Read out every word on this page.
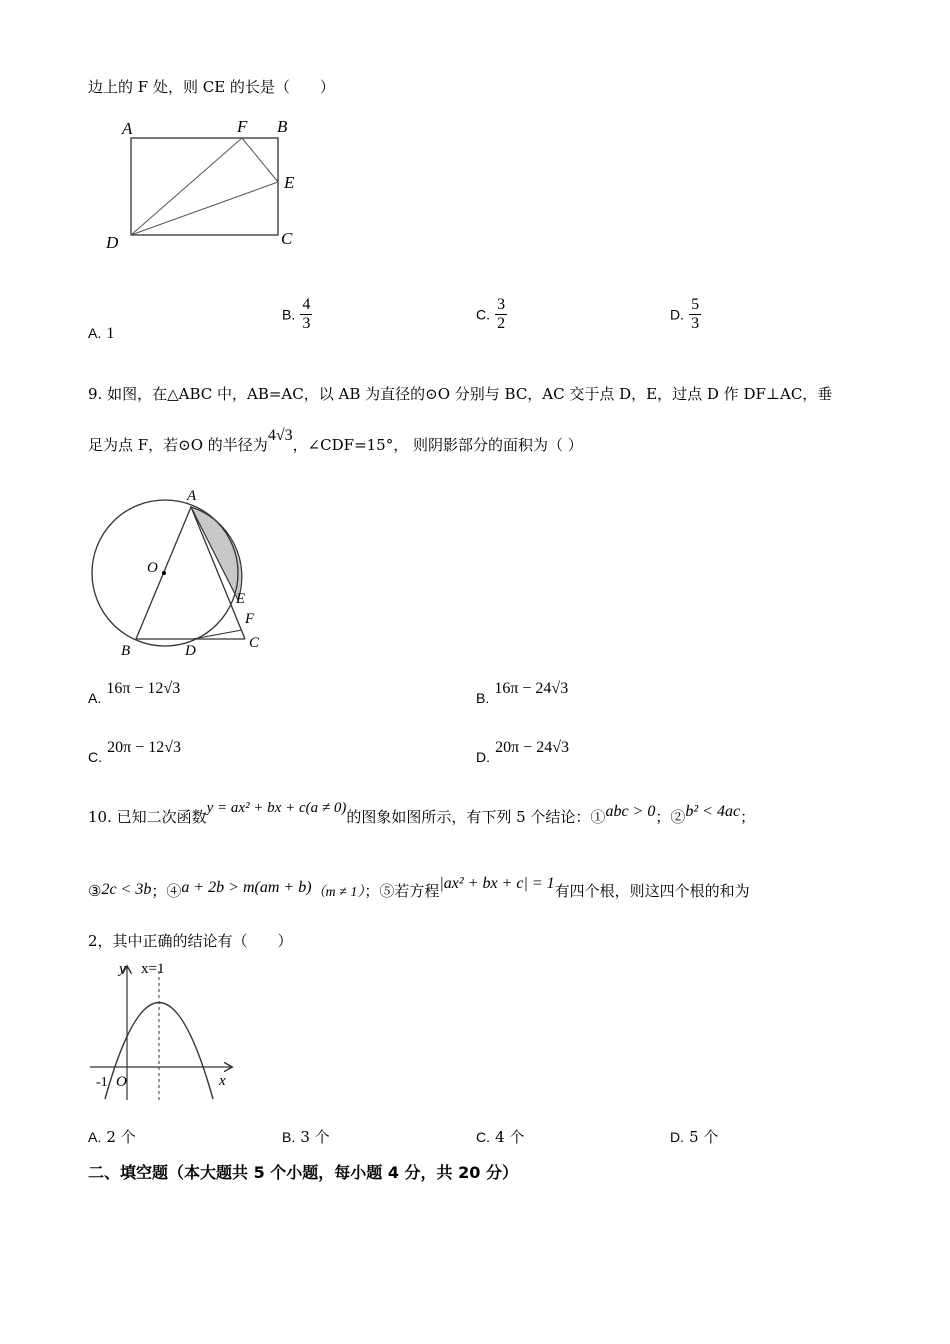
边上的 F 处，则 CE 的长是（　　）
A	F B
E
D	C
A. 1
B. $\frac{4}{3}$	C. $\frac{3}{2}$	D. $\frac{5}{3}$
9. 如图，在△ABC 中，AB=AC，以 AB 为直径的⊙O 分别与 BC，AC 交于点 D，E，过点 D 作 DF⊥AC，垂
足为点 F，若⊙O 的半径为4√3，∠CDF=15°， 则阴影部分的面积为（ ）
A
O
E
F
C
B	D
A. 16π − 12√3
B. 16π − 24√3
C. 20π − 12√3
D. 20π − 24√3
10. 已知二次函数y = ax² + bx + c(a ≠ 0)的图象如图所示，有下列 5 个结论：①abc > 0；②b² < 4ac；
③2c < 3b；④a + 2b > m(am + b)（m ≠ 1）；⑤若方程|ax² + bx + c| = 1有四个根，则这四个根的和为
2，其中正确的结论有（　　）
y x=1
x
O
-1
A. 2 个	B. 3 个	C. 4 个	D. 5 个
二、填空题（本大题共 5 个小题，每小题 4 分，共 20 分）
